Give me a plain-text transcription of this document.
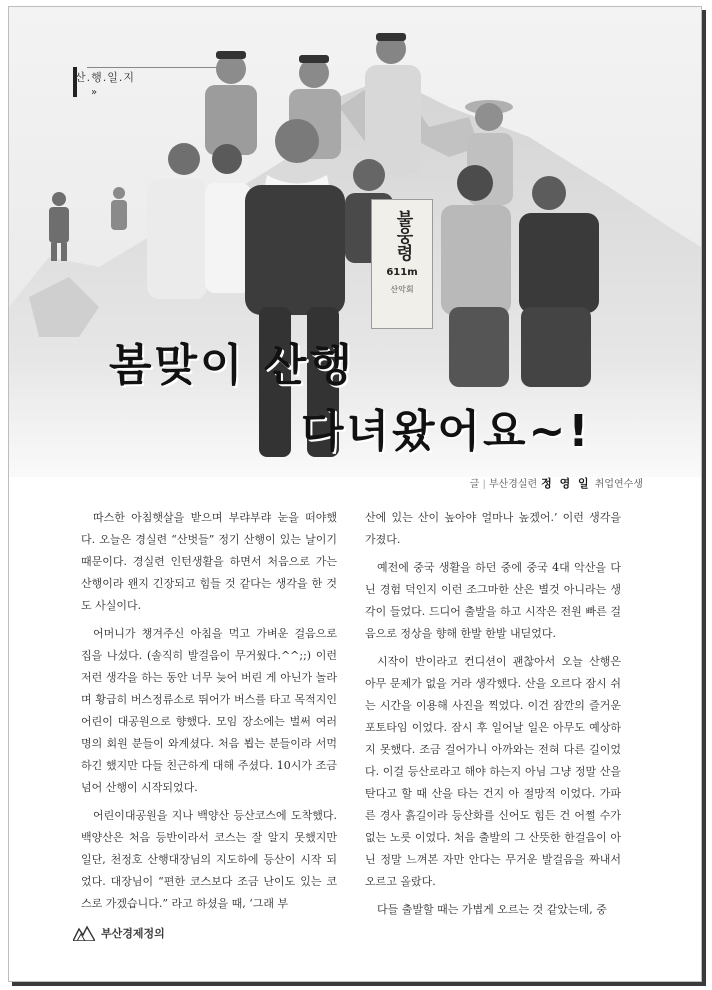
산.행.일.지
»
불웅령
611m
산악회
봄맞이 산행
다녀왔어요~!
글 | 부산경실련 정 영 일 취업연수생

따스한 아침햇살을 받으며 부랴부랴 눈을 떠야했다. 오늘은 경실련 “산벗들” 정기 산행이 있는 날이기 때문이다. 경실련 인턴생활을 하면서 처음으로 가는 산행이라 왠지 긴장되고 힘들 것 같다는 생각을 한 것도 사실이다.

어머니가 챙겨주신 아침을 먹고 가벼운 걸음으로 집을 나섰다. (솔직히 발걸음이 무거웠다.^^;;) 이런 저런 생각을 하는 동안 너무 늦어 버린 게 아닌가 놀라며 황급히 버스정류소로 뛰어가 버스를 타고 목적지인 어린이 대공원으로 향했다. 모임 장소에는 벌써 여러 명의 회원 분들이 와계셨다. 처음 뵙는 분들이라 서먹하긴 했지만 다들 친근하게 대해 주셨다. 10시가 조금 넘어 산행이 시작되었다.

어린이대공원을 지나 백양산 등산코스에 도착했다. 백양산은 처음 등반이라서 코스는 잘 알지 못했지만 일단, 천정호 산행대장님의 지도하에 등산이 시작 되었다. 대장님이 “편한 코스보다 조금 난이도 있는 코스로 가겠습니다.” 라고 하셨을 때, ‘그래 부

산에 있는 산이 높아야 얼마나 높겠어.’ 이런 생각을 가졌다.

예전에 중국 생활을 하던 중에 중국 4대 악산을 다닌 경험 덕인지 이런 조그마한 산은 별것 아니라는 생각이 들었다. 드디어 출발을 하고 시작은 전원 빠른 걸음으로 정상을 향해 한발 한발 내딛었다.

시작이 반이라고 컨디션이 괜찮아서 오늘 산행은 아무 문제가 없을 거라 생각했다. 산을 오르다 잠시 쉬는 시간을 이용해 사진을 찍었다. 이건 잠깐의 즐거운 포토타임 이었다. 잠시 후 일어날 일은 아무도 예상하지 못했다. 조금 걸어가니 아까와는 전혀 다른 길이었다. 이걸 등산로라고 해야 하는지 아님 그냥 정말 산을 탄다고 할 때 산을 타는 건지 아 절망적 이었다. 가파른 경사 흙길이라 등산화를 신어도 힘든 건 어쩔 수가 없는 노릇 이었다. 처음 출발의 그 산뜻한 한걸음이 아닌 정말 느껴본 자만 안다는 무거운 발걸음을 짜내서 오르고 올랐다.

다들 출발할 때는 가볍게 오르는 것 같았는데, 중

부산경제정의
